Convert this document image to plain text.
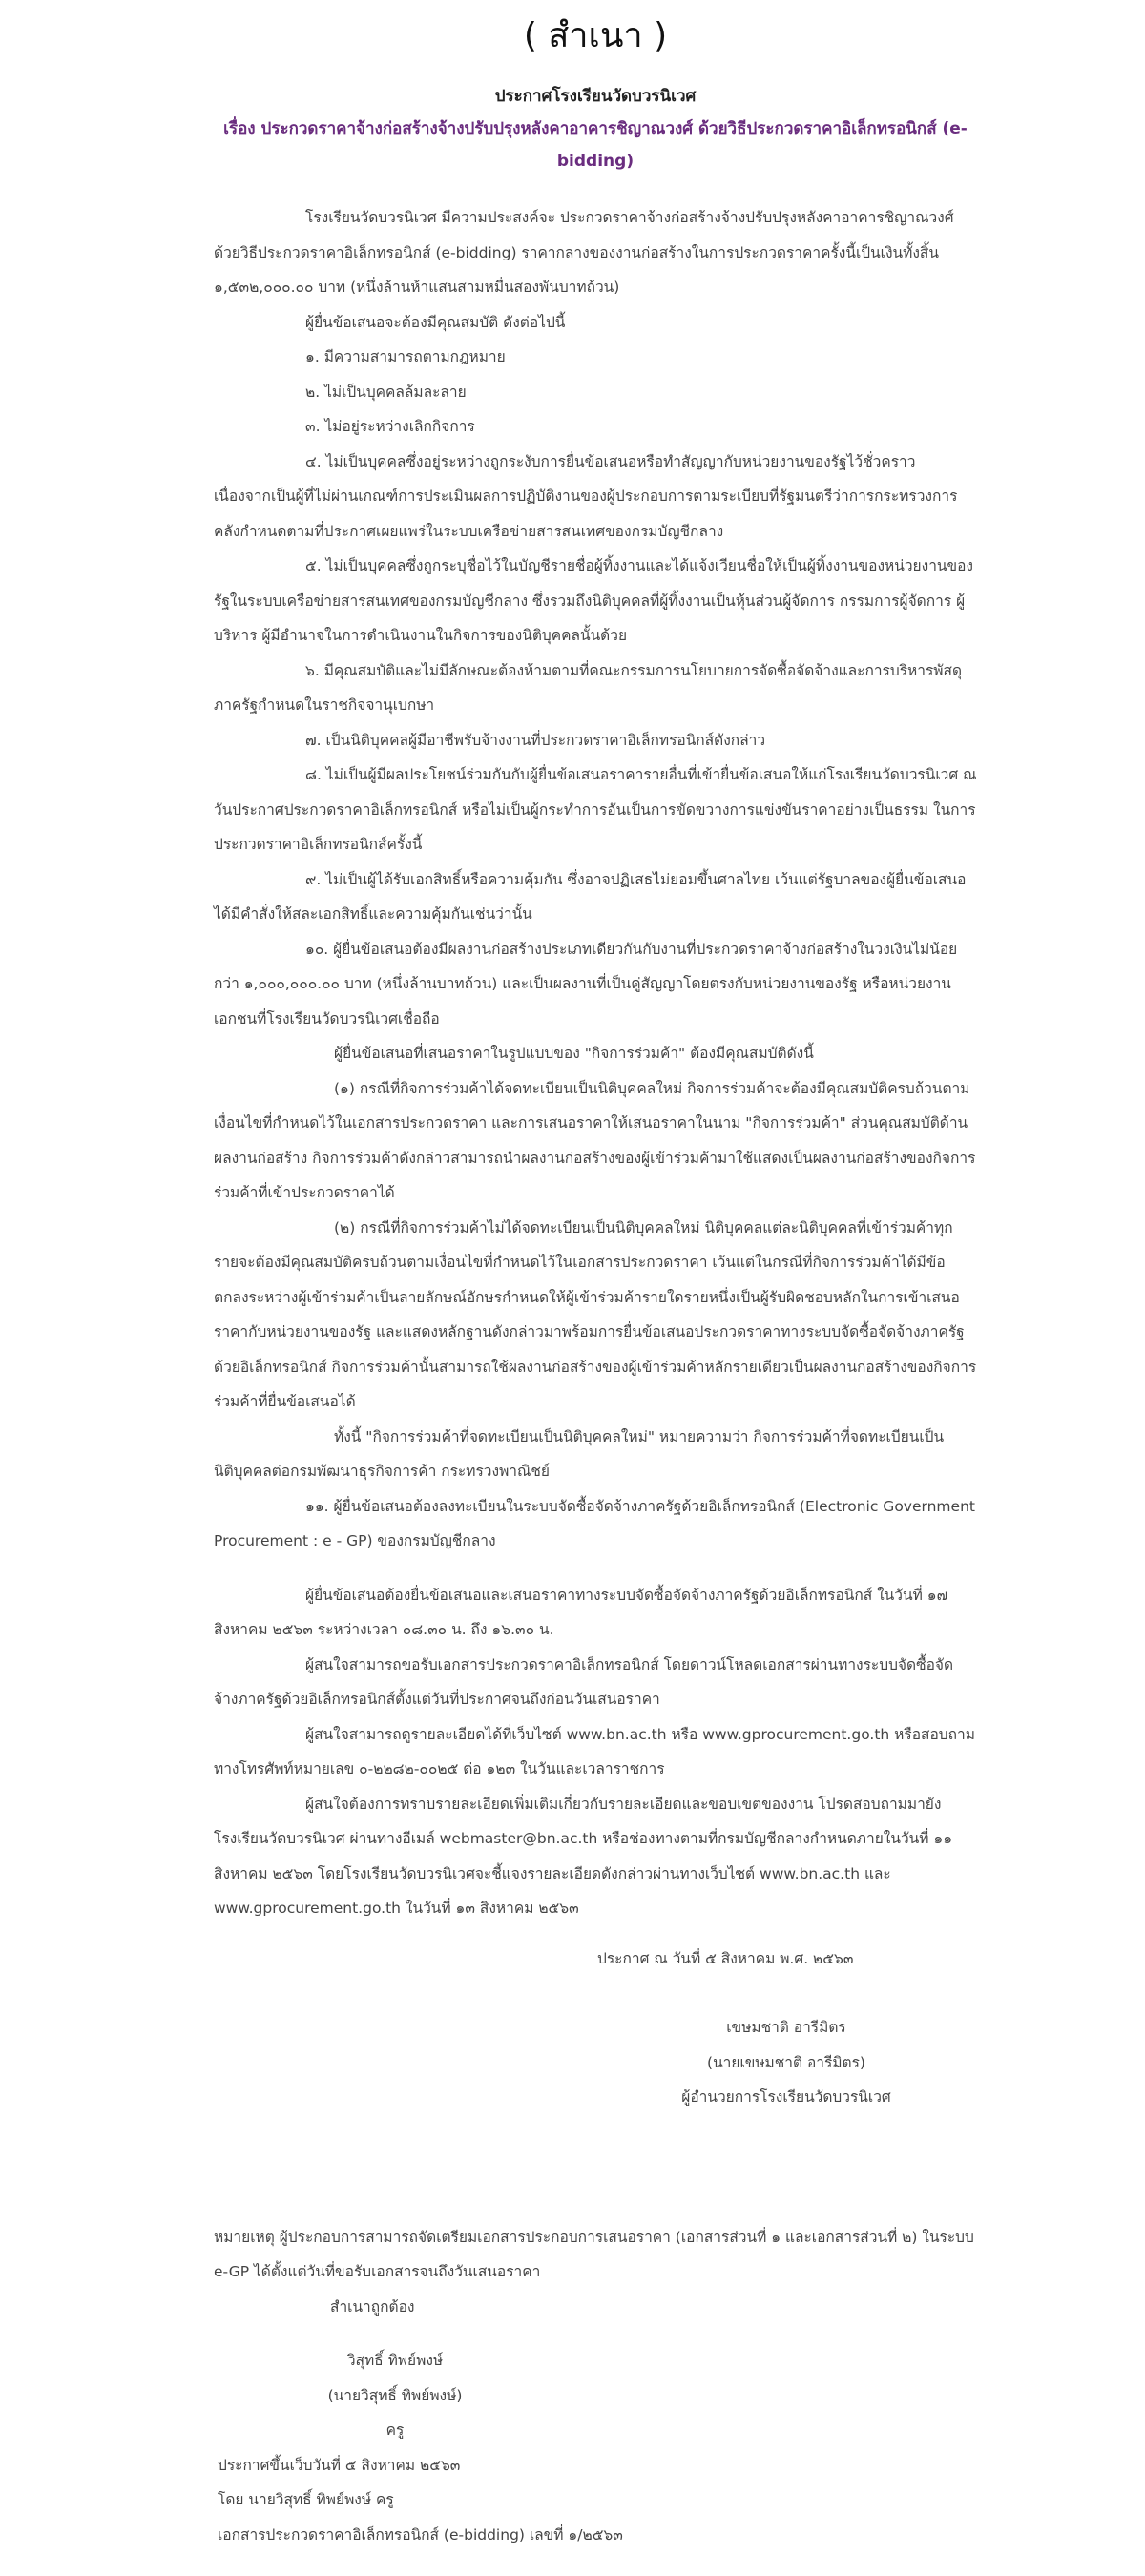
( สำเนา )
ประกาศโรงเรียนวัดบวรนิเวศ
เรื่อง ประกวดราคาจ้างก่อสร้างจ้างปรับปรุงหลังคาอาคารชิญาณวงศ์ ด้วยวิธีประกวดราคาอิเล็กทรอนิกส์ (e-bidding)

โรงเรียนวัดบวรนิเวศ มีความประสงค์จะ ประกวดราคาจ้างก่อสร้างจ้างปรับปรุงหลังคาอาคารชิญาณวงศ์ ด้วยวิธีประกวดราคาอิเล็กทรอนิกส์ (e-bidding) ราคากลางของงานก่อสร้างในการประกวดราคาครั้งนี้เป็นเงินทั้งสิ้น ๑,๕๓๒,๐๐๐.๐๐ บาท (หนึ่งล้านห้าแสนสามหมื่นสองพันบาทถ้วน)

ผู้ยื่นข้อเสนอจะต้องมีคุณสมบัติ ดังต่อไปนี้

๑. มีความสามารถตามกฎหมาย

๒. ไม่เป็นบุคคลล้มละลาย

๓. ไม่อยู่ระหว่างเลิกกิจการ

๔. ไม่เป็นบุคคลซึ่งอยู่ระหว่างถูกระงับการยื่นข้อเสนอหรือทำสัญญากับหน่วยงานของรัฐไว้ชั่วคราว เนื่องจากเป็นผู้ที่ไม่ผ่านเกณฑ์การประเมินผลการปฏิบัติงานของผู้ประกอบการตามระเบียบที่รัฐมนตรีว่าการกระทรวงการคลังกำหนดตามที่ประกาศเผยแพร่ในระบบเครือข่ายสารสนเทศของกรมบัญชีกลาง

๕. ไม่เป็นบุคคลซึ่งถูกระบุชื่อไว้ในบัญชีรายชื่อผู้ทิ้งงานและได้แจ้งเวียนชื่อให้เป็นผู้ทิ้งงานของหน่วยงานของรัฐในระบบเครือข่ายสารสนเทศของกรมบัญชีกลาง ซึ่งรวมถึงนิติบุคคลที่ผู้ทิ้งงานเป็นหุ้นส่วนผู้จัดการ กรรมการผู้จัดการ ผู้บริหาร ผู้มีอำนาจในการดำเนินงานในกิจการของนิติบุคคลนั้นด้วย

๖. มีคุณสมบัติและไม่มีลักษณะต้องห้ามตามที่คณะกรรมการนโยบายการจัดซื้อจัดจ้างและการบริหารพัสดุภาครัฐกำหนดในราชกิจจานุเบกษา

๗. เป็นนิติบุคคลผู้มีอาชีพรับจ้างงานที่ประกวดราคาอิเล็กทรอนิกส์ดังกล่าว

๘. ไม่เป็นผู้มีผลประโยชน์ร่วมกันกับผู้ยื่นข้อเสนอราคารายอื่นที่เข้ายื่นข้อเสนอให้แก่โรงเรียนวัดบวรนิเวศ ณ วันประกาศประกวดราคาอิเล็กทรอนิกส์ หรือไม่เป็นผู้กระทำการอันเป็นการขัดขวางการแข่งขันราคาอย่างเป็นธรรม ในการประกวดราคาอิเล็กทรอนิกส์ครั้งนี้

๙. ไม่เป็นผู้ได้รับเอกสิทธิ์หรือความคุ้มกัน ซึ่งอาจปฏิเสธไม่ยอมขึ้นศาลไทย เว้นแต่รัฐบาลของผู้ยื่นข้อเสนอได้มีคำสั่งให้สละเอกสิทธิ์และความคุ้มกันเช่นว่านั้น

๑๐. ผู้ยื่นข้อเสนอต้องมีผลงานก่อสร้างประเภทเดียวกันกับงานที่ประกวดราคาจ้างก่อสร้างในวงเงินไม่น้อยกว่า ๑,๐๐๐,๐๐๐.๐๐ บาท (หนึ่งล้านบาทถ้วน) และเป็นผลงานที่เป็นคู่สัญญาโดยตรงกับหน่วยงานของรัฐ หรือหน่วยงานเอกชนที่โรงเรียนวัดบวรนิเวศเชื่อถือ

ผู้ยื่นข้อเสนอที่เสนอราคาในรูปแบบของ "กิจการร่วมค้า" ต้องมีคุณสมบัติดังนี้

(๑) กรณีที่กิจการร่วมค้าได้จดทะเบียนเป็นนิติบุคคลใหม่ กิจการร่วมค้าจะต้องมีคุณสมบัติครบถ้วนตามเงื่อนไขที่กำหนดไว้ในเอกสารประกวดราคา และการเสนอราคาให้เสนอราคาในนาม "กิจการร่วมค้า" ส่วนคุณสมบัติด้านผลงานก่อสร้าง กิจการร่วมค้าดังกล่าวสามารถนำผลงานก่อสร้างของผู้เข้าร่วมค้ามาใช้แสดงเป็นผลงานก่อสร้างของกิจการร่วมค้าที่เข้าประกวดราคาได้

(๒) กรณีที่กิจการร่วมค้าไม่ได้จดทะเบียนเป็นนิติบุคคลใหม่ นิติบุคคลแต่ละนิติบุคคลที่เข้าร่วมค้าทุกรายจะต้องมีคุณสมบัติครบถ้วนตามเงื่อนไขที่กำหนดไว้ในเอกสารประกวดราคา เว้นแต่ในกรณีที่กิจการร่วมค้าได้มีข้อตกลงระหว่างผู้เข้าร่วมค้าเป็นลายลักษณ์อักษรกำหนดให้ผู้เข้าร่วมค้ารายใดรายหนึ่งเป็นผู้รับผิดชอบหลักในการเข้าเสนอราคากับหน่วยงานของรัฐ และแสดงหลักฐานดังกล่าวมาพร้อมการยื่นข้อเสนอประกวดราคาทางระบบจัดซื้อจัดจ้างภาครัฐด้วยอิเล็กทรอนิกส์ กิจการร่วมค้านั้นสามารถใช้ผลงานก่อสร้างของผู้เข้าร่วมค้าหลักรายเดียวเป็นผลงานก่อสร้างของกิจการร่วมค้าที่ยื่นข้อเสนอได้

ทั้งนี้ "กิจการร่วมค้าที่จดทะเบียนเป็นนิติบุคคลใหม่" หมายความว่า กิจการร่วมค้าที่จดทะเบียนเป็นนิติบุคคลต่อกรมพัฒนาธุรกิจการค้า กระทรวงพาณิชย์

๑๑. ผู้ยื่นข้อเสนอต้องลงทะเบียนในระบบจัดซื้อจัดจ้างภาครัฐด้วยอิเล็กทรอนิกส์ (Electronic Government Procurement : e - GP) ของกรมบัญชีกลาง

ผู้ยื่นข้อเสนอต้องยื่นข้อเสนอและเสนอราคาทางระบบจัดซื้อจัดจ้างภาครัฐด้วยอิเล็กทรอนิกส์ ในวันที่ ๑๗ สิงหาคม ๒๕๖๓ ระหว่างเวลา ๐๘.๓๐ น. ถึง ๑๖.๓๐ น.

ผู้สนใจสามารถขอรับเอกสารประกวดราคาอิเล็กทรอนิกส์ โดยดาวน์โหลดเอกสารผ่านทางระบบจัดซื้อจัดจ้างภาครัฐด้วยอิเล็กทรอนิกส์ตั้งแต่วันที่ประกาศจนถึงก่อนวันเสนอราคา

ผู้สนใจสามารถดูรายละเอียดได้ที่เว็บไซต์ www.bn.ac.th หรือ www.gprocurement.go.th หรือสอบถามทางโทรศัพท์หมายเลข ๐-๒๒๘๒-๐๐๒๕ ต่อ ๑๒๓ ในวันและเวลาราชการ

ผู้สนใจต้องการทราบรายละเอียดเพิ่มเติมเกี่ยวกับรายละเอียดและขอบเขตของงาน โปรดสอบถามมายังโรงเรียนวัดบวรนิเวศ ผ่านทางอีเมล์ webmaster@bn.ac.th หรือช่องทางตามที่กรมบัญชีกลางกำหนดภายในวันที่ ๑๑ สิงหาคม ๒๕๖๓ โดยโรงเรียนวัดบวรนิเวศจะชี้แจงรายละเอียดดังกล่าวผ่านทางเว็บไซต์ www.bn.ac.th และ www.gprocurement.go.th ในวันที่ ๑๓ สิงหาคม ๒๕๖๓

ประกาศ ณ วันที่ ๕ สิงหาคม พ.ศ. ๒๕๖๓

เขษมชาติ อารีมิตร

(นายเขษมชาติ อารีมิตร)

ผู้อำนวยการโรงเรียนวัดบวรนิเวศ

หมายเหตุ ผู้ประกอบการสามารถจัดเตรียมเอกสารประกอบการเสนอราคา (เอกสารส่วนที่ ๑ และเอกสารส่วนที่ ๒) ในระบบ e-GP ได้ตั้งแต่วันที่ขอรับเอกสารจนถึงวันเสนอราคา

สำเนาถูกต้อง

วิสุทธิ์ ทิพย์พงษ์

(นายวิสุทธิ์ ทิพย์พงษ์)

ครู

ประกาศขึ้นเว็บวันที่ ๕ สิงหาคม ๒๕๖๓

โดย นายวิสุทธิ์ ทิพย์พงษ์ ครู

เอกสารประกวดราคาอิเล็กทรอนิกส์ (e-bidding) เลขที่ ๑/๒๕๖๓
